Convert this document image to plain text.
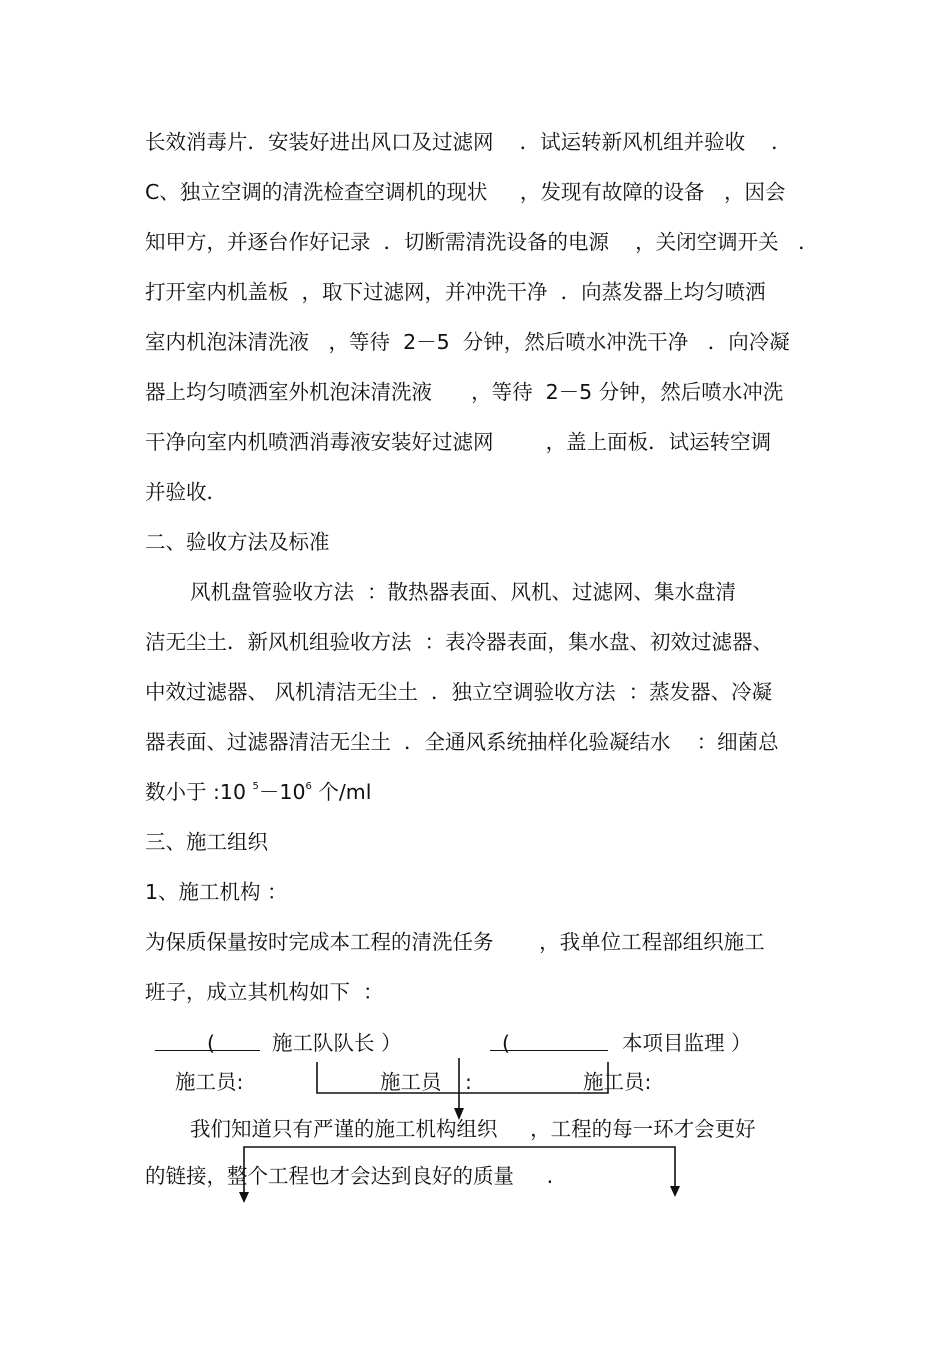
长效消毒片．安装好进出风口及过滤网    ．试运转新风机组并验收    ．
C、独立空调的清洗检查空调机的现状     ，发现有故障的设备   ，因会
知甲方，并逐台作好记录  ．切断需清洗设备的电源    ，关闭空调开关   ．
打开室内机盖板  ，取下过滤网，并冲洗干净  ．向蒸发器上均匀喷洒
室内机泡沫清洗液   ，等待  2－5  分钟，然后喷水冲洗干净   ．向冷凝
器上均匀喷洒室外机泡沫清洗液      ，等待  2－5 分钟，然后喷水冲洗
干净向室内机喷洒消毒液安装好过滤网        ，盖上面板．试运转空调
并验收．
二、验收方法及标准
风机盘管验收方法  ：散热器表面、风机、过滤网、集水盘清
洁无尘土．新风机组验收方法  ：表冷器表面，集水盘、初效过滤器、
中效过滤器、 风机清洁无尘土  ．独立空调验收方法  ：蒸发器、冷凝
器表面、过滤器清洁无尘土  ．全通风系统抽样化验凝结水    ：细菌总
数小于 :10 $^5-10^6$ 个/ml
三、施工组织
1、施工机构 ：
为保质保量按时完成本工程的清洗任务       ，我单位工程部组织施工
班子，成立其机构如下  ：
(	施工队队长 ）	(	本项目监理 ）
施工员:	施工员 :	施工员:
我们知道只有严谨的施工机构组织     ，工程的每一环才会更好
的链接，整个工程也才会达到良好的质量     .
